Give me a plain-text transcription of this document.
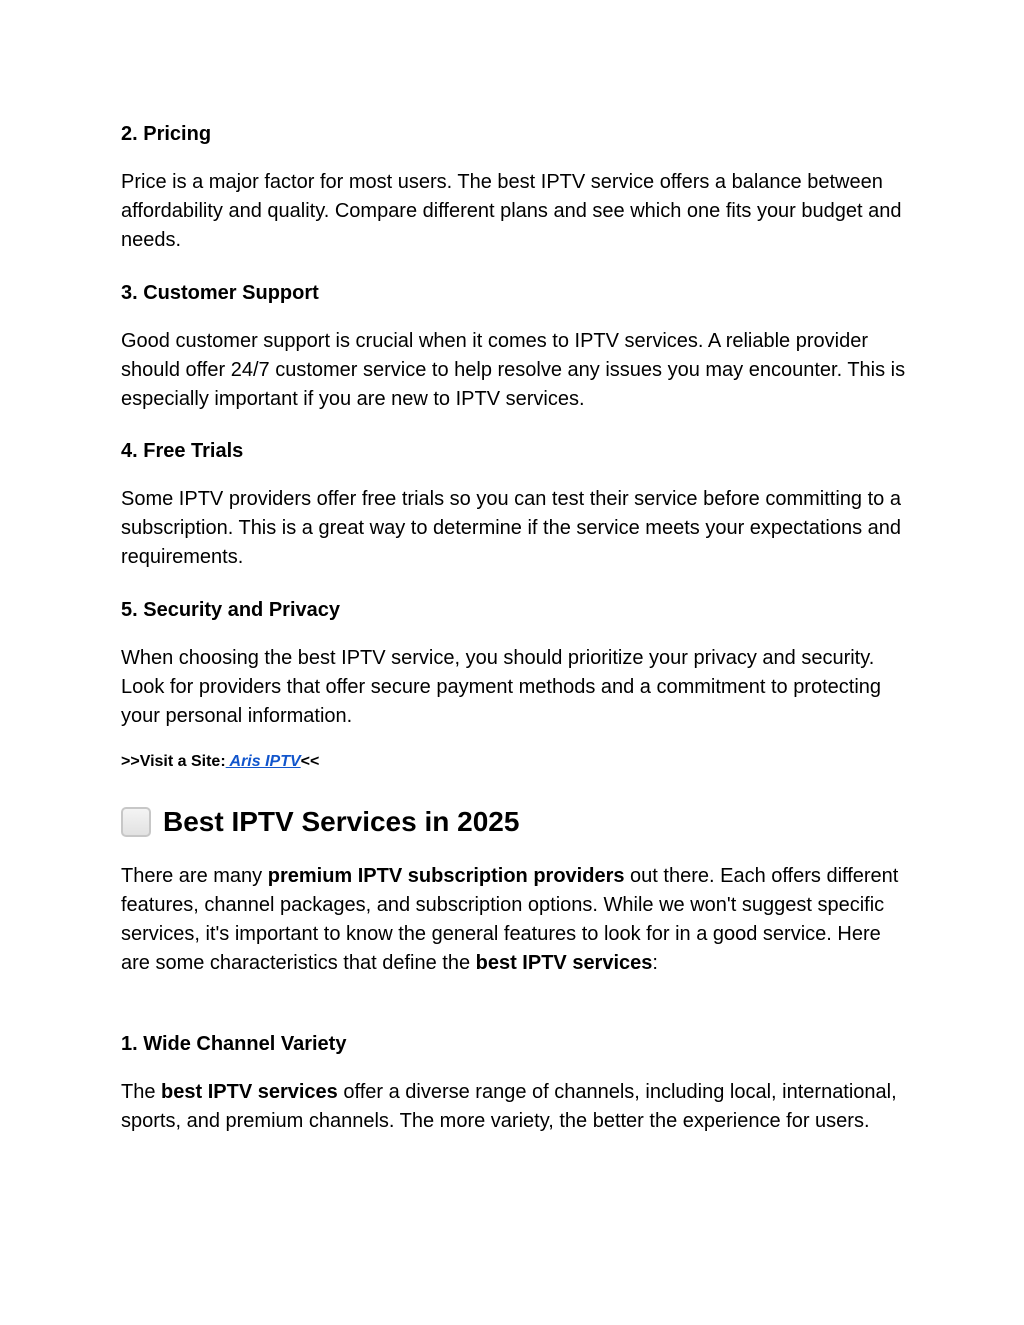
2. Pricing

Price is a major factor for most users. The best IPTV service offers a balance between affordability and quality. Compare different plans and see which one fits your budget and needs.

3. Customer Support

Good customer support is crucial when it comes to IPTV services. A reliable provider should offer 24/7 customer service to help resolve any issues you may encounter. This is especially important if you are new to IPTV services.

4. Free Trials

Some IPTV providers offer free trials so you can test their service before committing to a subscription. This is a great way to determine if the service meets your expectations and requirements.

5. Security and Privacy

When choosing the best IPTV service, you should prioritize your privacy and security. Look for providers that offer secure payment methods and a commitment to protecting your personal information.

>>Visit a Site: Aris IPTV<<

Best IPTV Services in 2025

There are many premium IPTV subscription providers out there. Each offers different features, channel packages, and subscription options. While we won't suggest specific services, it's important to know the general features to look for in a good service. Here are some characteristics that define the best IPTV services:

1. Wide Channel Variety

The best IPTV services offer a diverse range of channels, including local, international, sports, and premium channels. The more variety, the better the experience for users.
